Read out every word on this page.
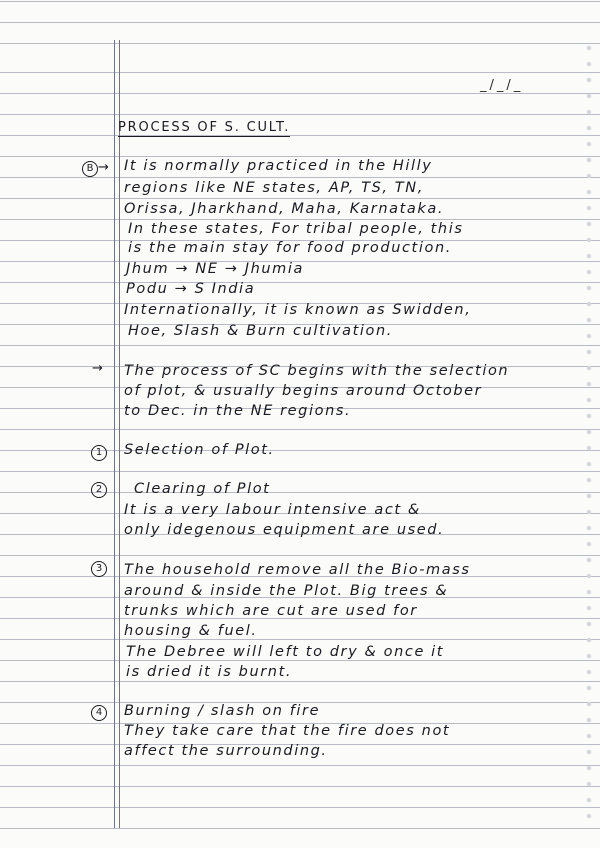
_/_/_
PROCESS OF S. CULT.
B → It is normally practiced in the Hilly
regions like NE states, AP, TS, TN,
Orissa, Jharkhand, Maha, Karnataka.
In these states, For tribal people, this
is the main stay for food production.
Jhum → NE → Jhumia
Podu → S India
Internationally, it is known as Swidden,
Hoe, Slash & Burn cultivation.
→ The process of SC begins with the selection
of plot, & usually begins around October
to Dec. in the NE regions.
1	Selection of Plot.
2	Clearing of Plot
It is a very labour intensive act &
only idegenous equipment are used.
3	The household remove all the Bio-mass
around & inside the Plot. Big trees &
trunks which are cut are used for
housing & fuel.
The Debree will left to dry & once it
is dried it is burnt.
4	Burning / slash on fire
They take care that the fire does not
affect the surrounding.
